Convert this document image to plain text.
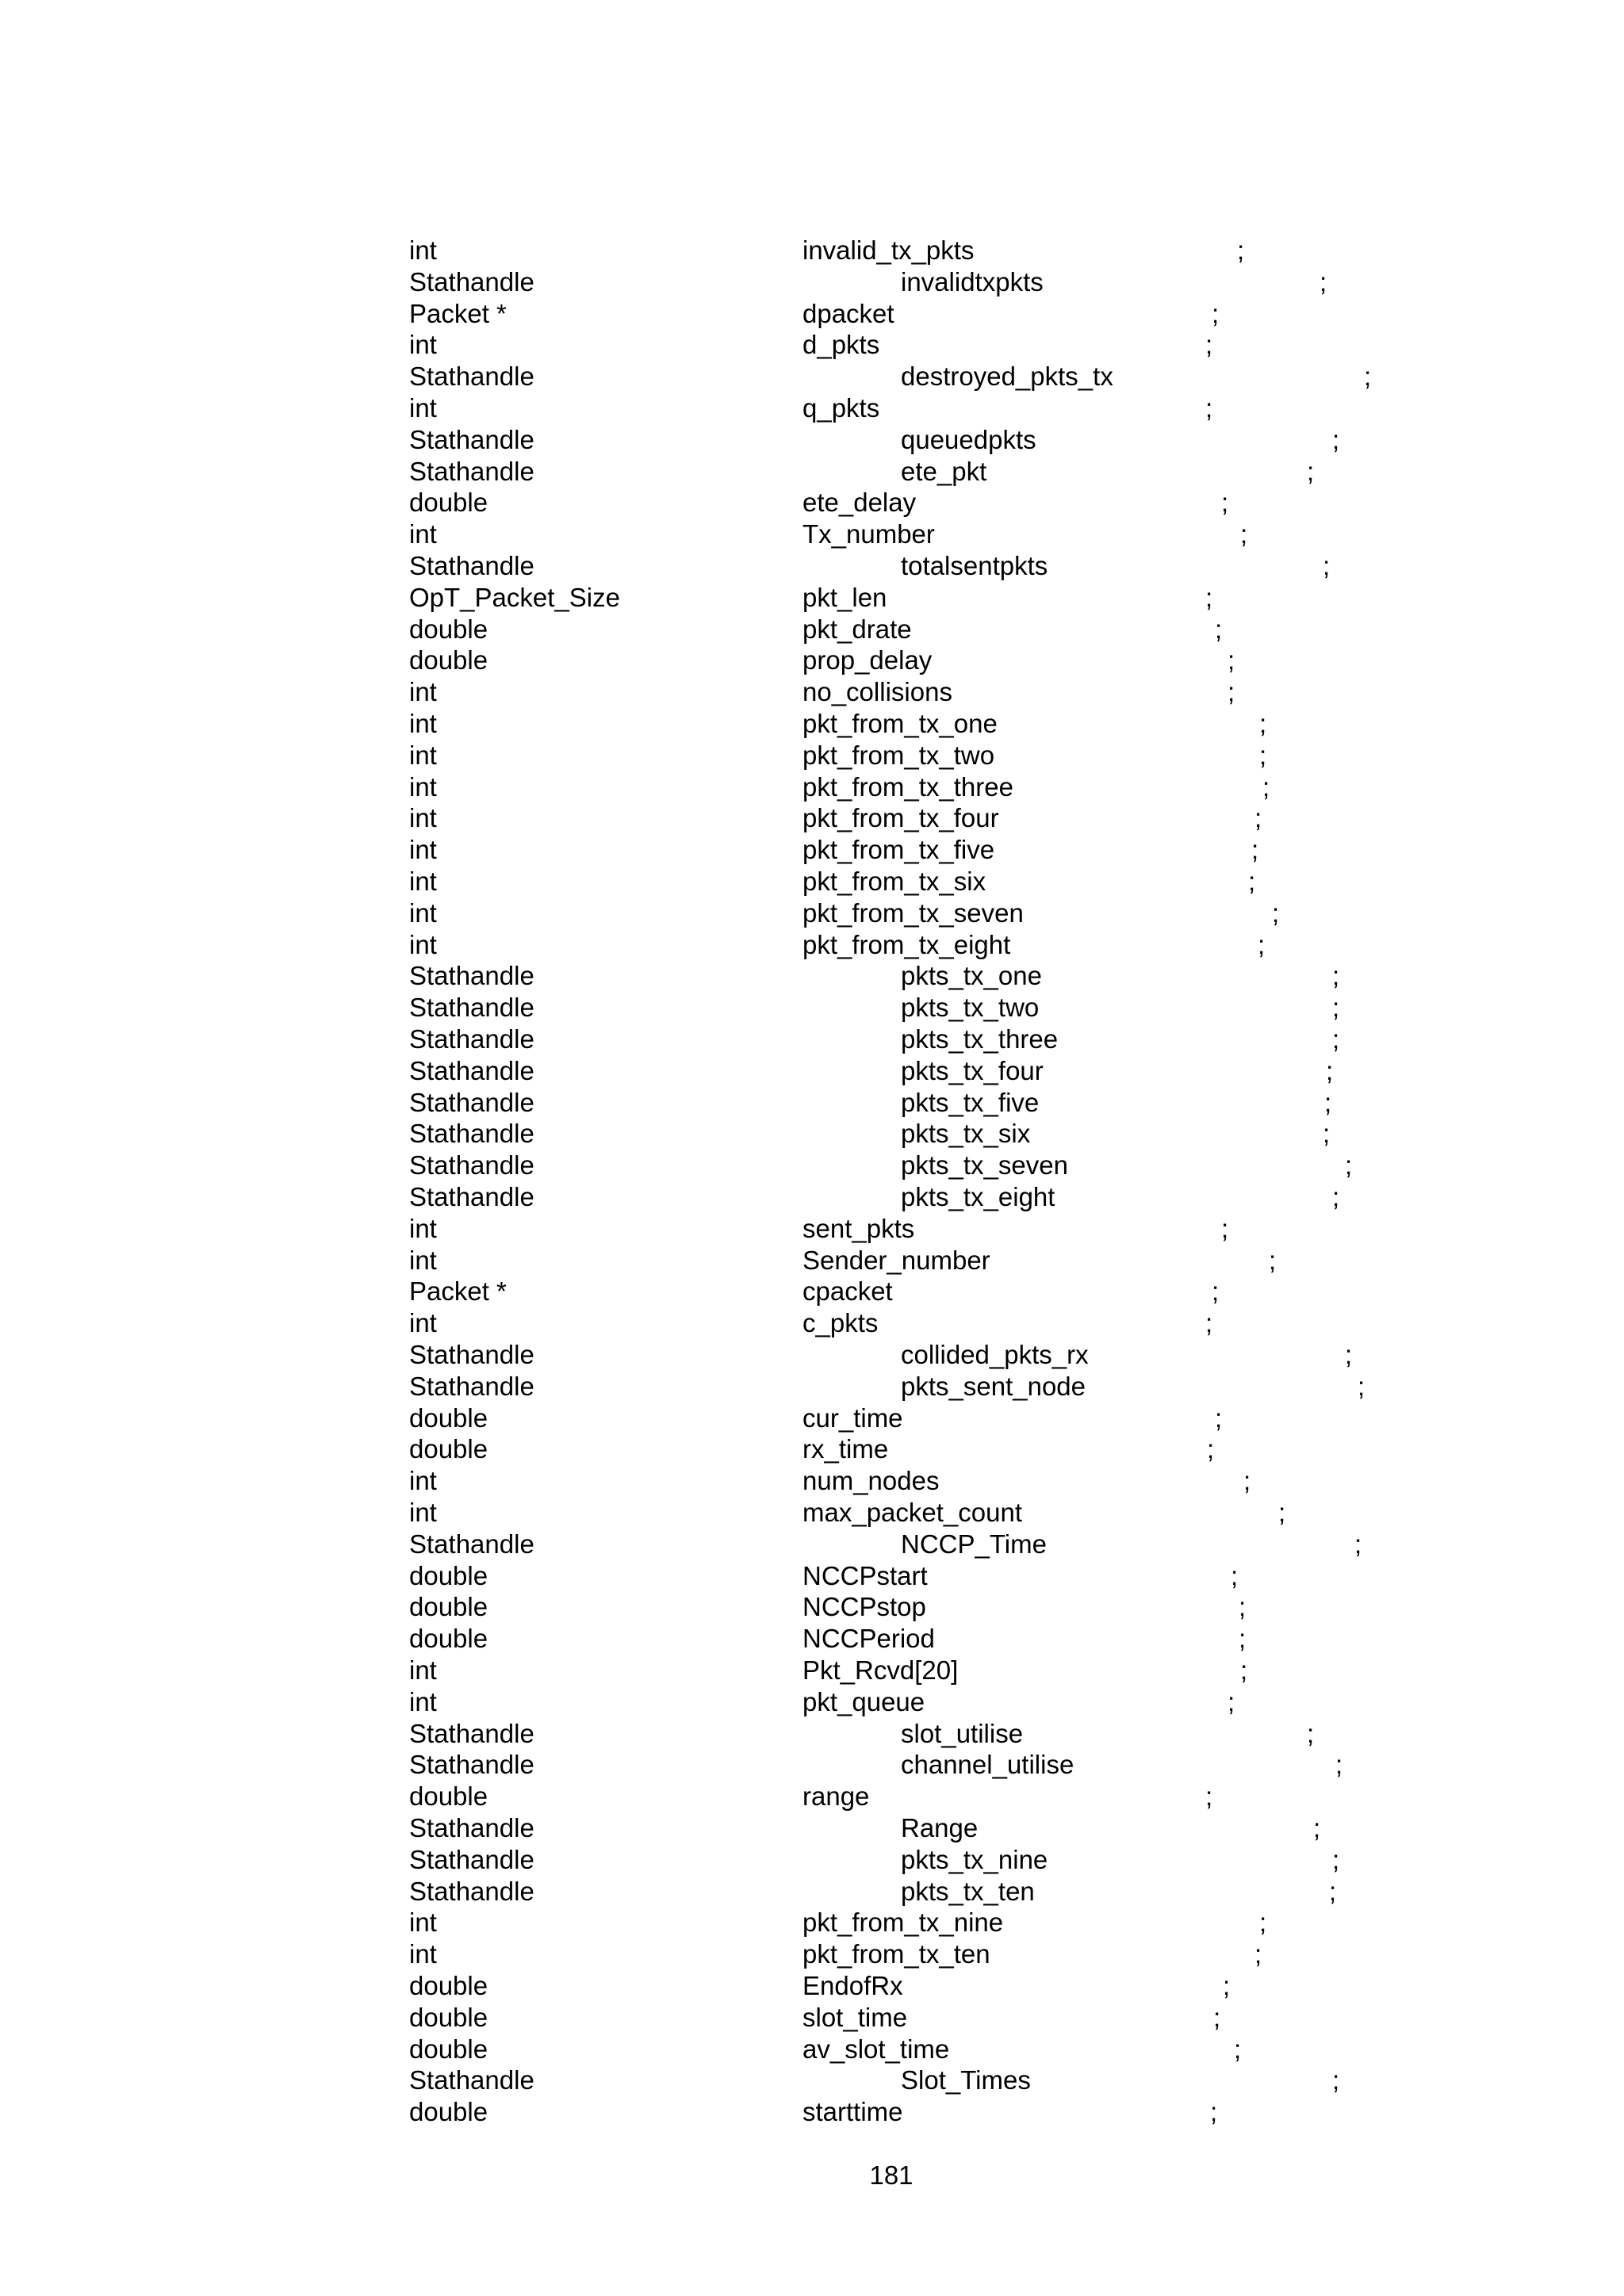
int	invalid_tx_pkts	;
Stathandle	invalidtxpkts	;
Packet *	dpacket	;
int	d_pkts	;
Stathandle	destroyed_pkts_tx	;
int	q_pkts	;
Stathandle	queuedpkts	;
Stathandle	ete_pkt	;
double	ete_delay	;
int	Tx_number	;
Stathandle	totalsentpkts	;
OpT_Packet_Size	pkt_len	;
double	pkt_drate	;
double	prop_delay	;
int	no_collisions	;
int	pkt_from_tx_one	;
int	pkt_from_tx_two	;
int	pkt_from_tx_three	;
int	pkt_from_tx_four	;
int	pkt_from_tx_five	;
int	pkt_from_tx_six	;
int	pkt_from_tx_seven	;
int	pkt_from_tx_eight	;
Stathandle	pkts_tx_one	;
Stathandle	pkts_tx_two	;
Stathandle	pkts_tx_three	;
Stathandle	pkts_tx_four	;
Stathandle	pkts_tx_five	;
Stathandle	pkts_tx_six	;
Stathandle	pkts_tx_seven	;
Stathandle	pkts_tx_eight	;
int	sent_pkts	;
int	Sender_number	;
Packet *	cpacket	;
int	c_pkts	;
Stathandle	collided_pkts_rx	;
Stathandle	pkts_sent_node	;
double	cur_time	;
double	rx_time	;
int	num_nodes	;
int	max_packet_count	;
Stathandle	NCCP_Time	;
double	NCCPstart	;
double	NCCPstop	;
double	NCCPeriod	;
int	Pkt_Rcvd[20]	;
int	pkt_queue	;
Stathandle	slot_utilise	;
Stathandle	channel_utilise	;
double	range	;
Stathandle	Range	;
Stathandle	pkts_tx_nine	;
Stathandle	pkts_tx_ten	;
int	pkt_from_tx_nine	;
int	pkt_from_tx_ten	;
double	EndofRx	;
double	slot_time	;
double	av_slot_time	;
Stathandle	Slot_Times	;
double	starttime	;
181
